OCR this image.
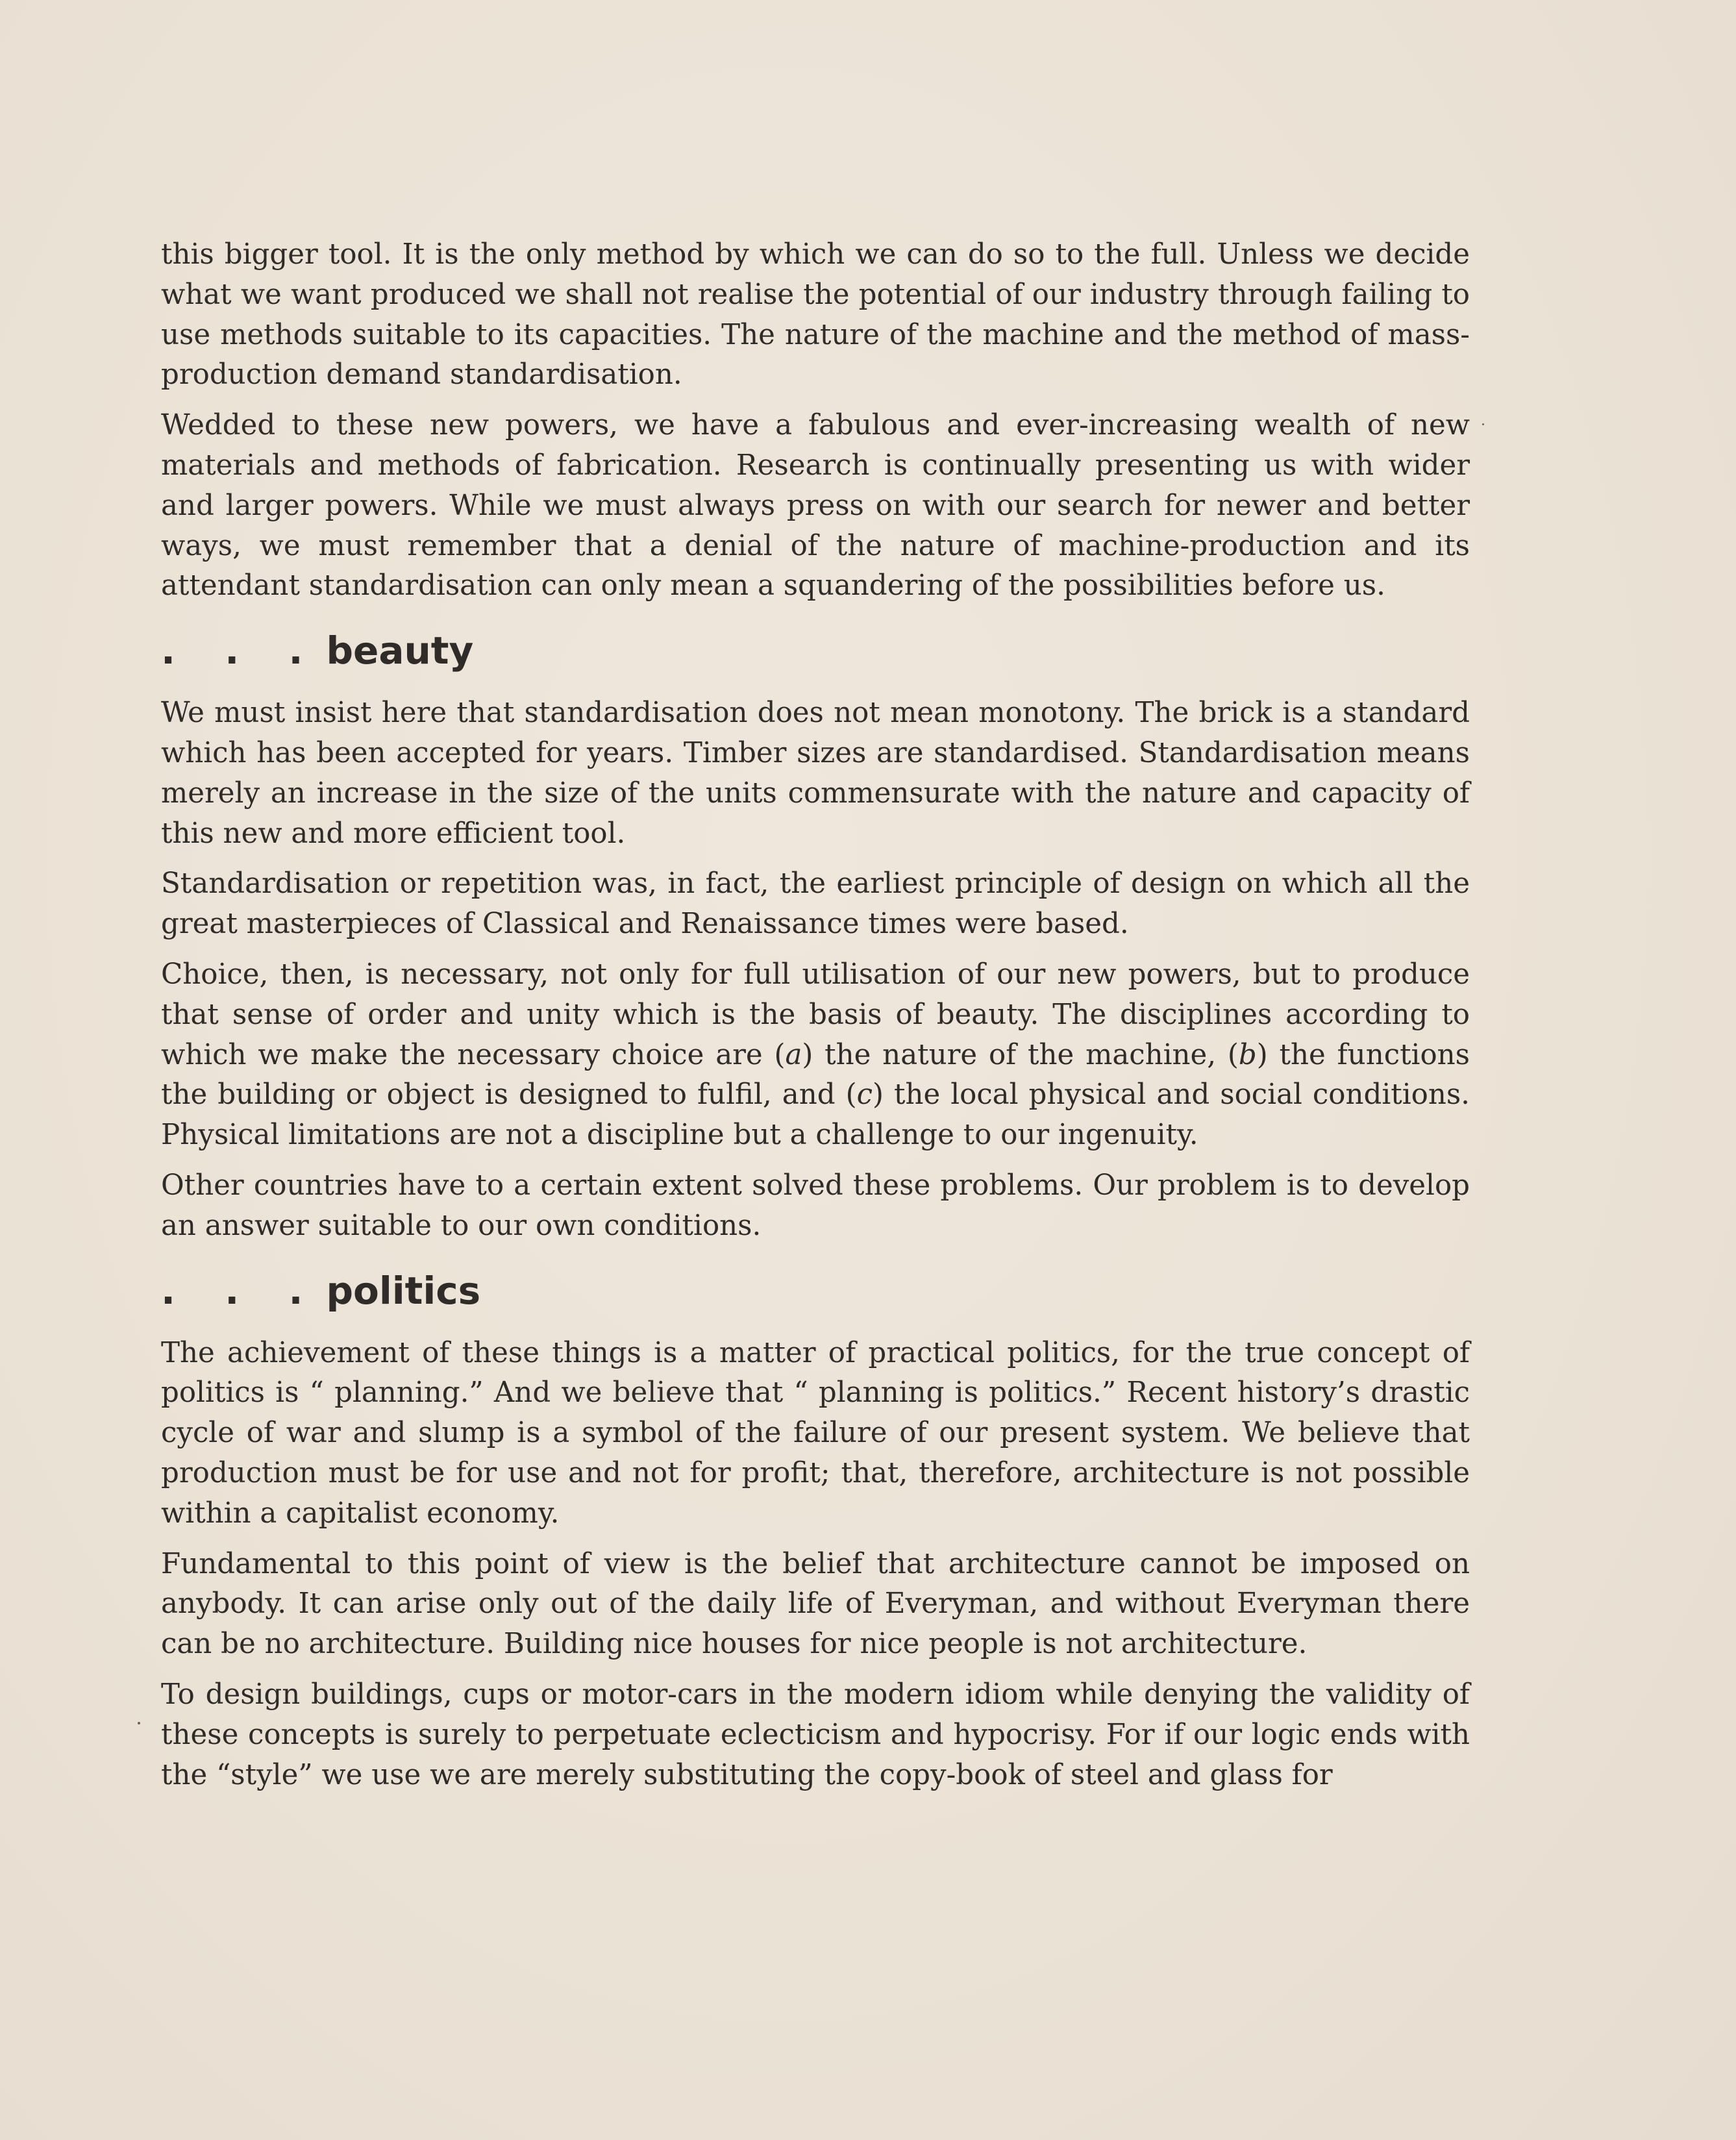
this bigger tool. It is the only method by which we can do so to the full. Unless we decide what we want produced we shall not realise the potential of our industry through failing to use methods suitable to its capacities. The nature of the machine and the method of mass-production demand standardisation.

Wedded to these new powers, we have a fabulous and ever-increasing wealth of new materials and methods of fabrication. Research is continually presenting us with wider and larger powers. While we must always press on with our search for newer and better ways, we must remember that a denial of the nature of machine-production and its attendant standardisation can only mean a squandering of the possibilities before us.

. . . beauty

We must insist here that standardisation does not mean monotony. The brick is a standard which has been accepted for years. Timber sizes are standardised. Standardisation means merely an increase in the size of the units commensurate with the nature and capacity of this new and more efficient tool.

Standardisation or repetition was, in fact, the earliest principle of design on which all the great masterpieces of Classical and Renaissance times were based.

Choice, then, is necessary, not only for full utilisation of our new powers, but to produce that sense of order and unity which is the basis of beauty. The disciplines according to which we make the necessary choice are (a) the nature of the machine, (b) the functions the building or object is designed to fulfil, and (c) the local physical and social conditions. Physical limitations are not a discipline but a challenge to our ingenuity.

Other countries have to a certain extent solved these problems. Our problem is to develop an answer suitable to our own conditions.

. . . politics

The achievement of these things is a matter of practical politics, for the true concept of politics is “ planning.” And we believe that “ planning is politics.” Recent history’s drastic cycle of war and slump is a symbol of the failure of our present system. We believe that production must be for use and not for profit; that, therefore, architecture is not possible within a capitalist economy.

Fundamental to this point of view is the belief that architecture cannot be imposed on anybody. It can arise only out of the daily life of Everyman, and without Everyman there can be no architecture. Building nice houses for nice people is not architecture.

To design buildings, cups or motor-cars in the modern idiom while denying the validity of these concepts is surely to perpetuate eclecticism and hypocrisy. For if our logic ends with the “style” we use we are merely substituting the copy-book of steel and glass for
